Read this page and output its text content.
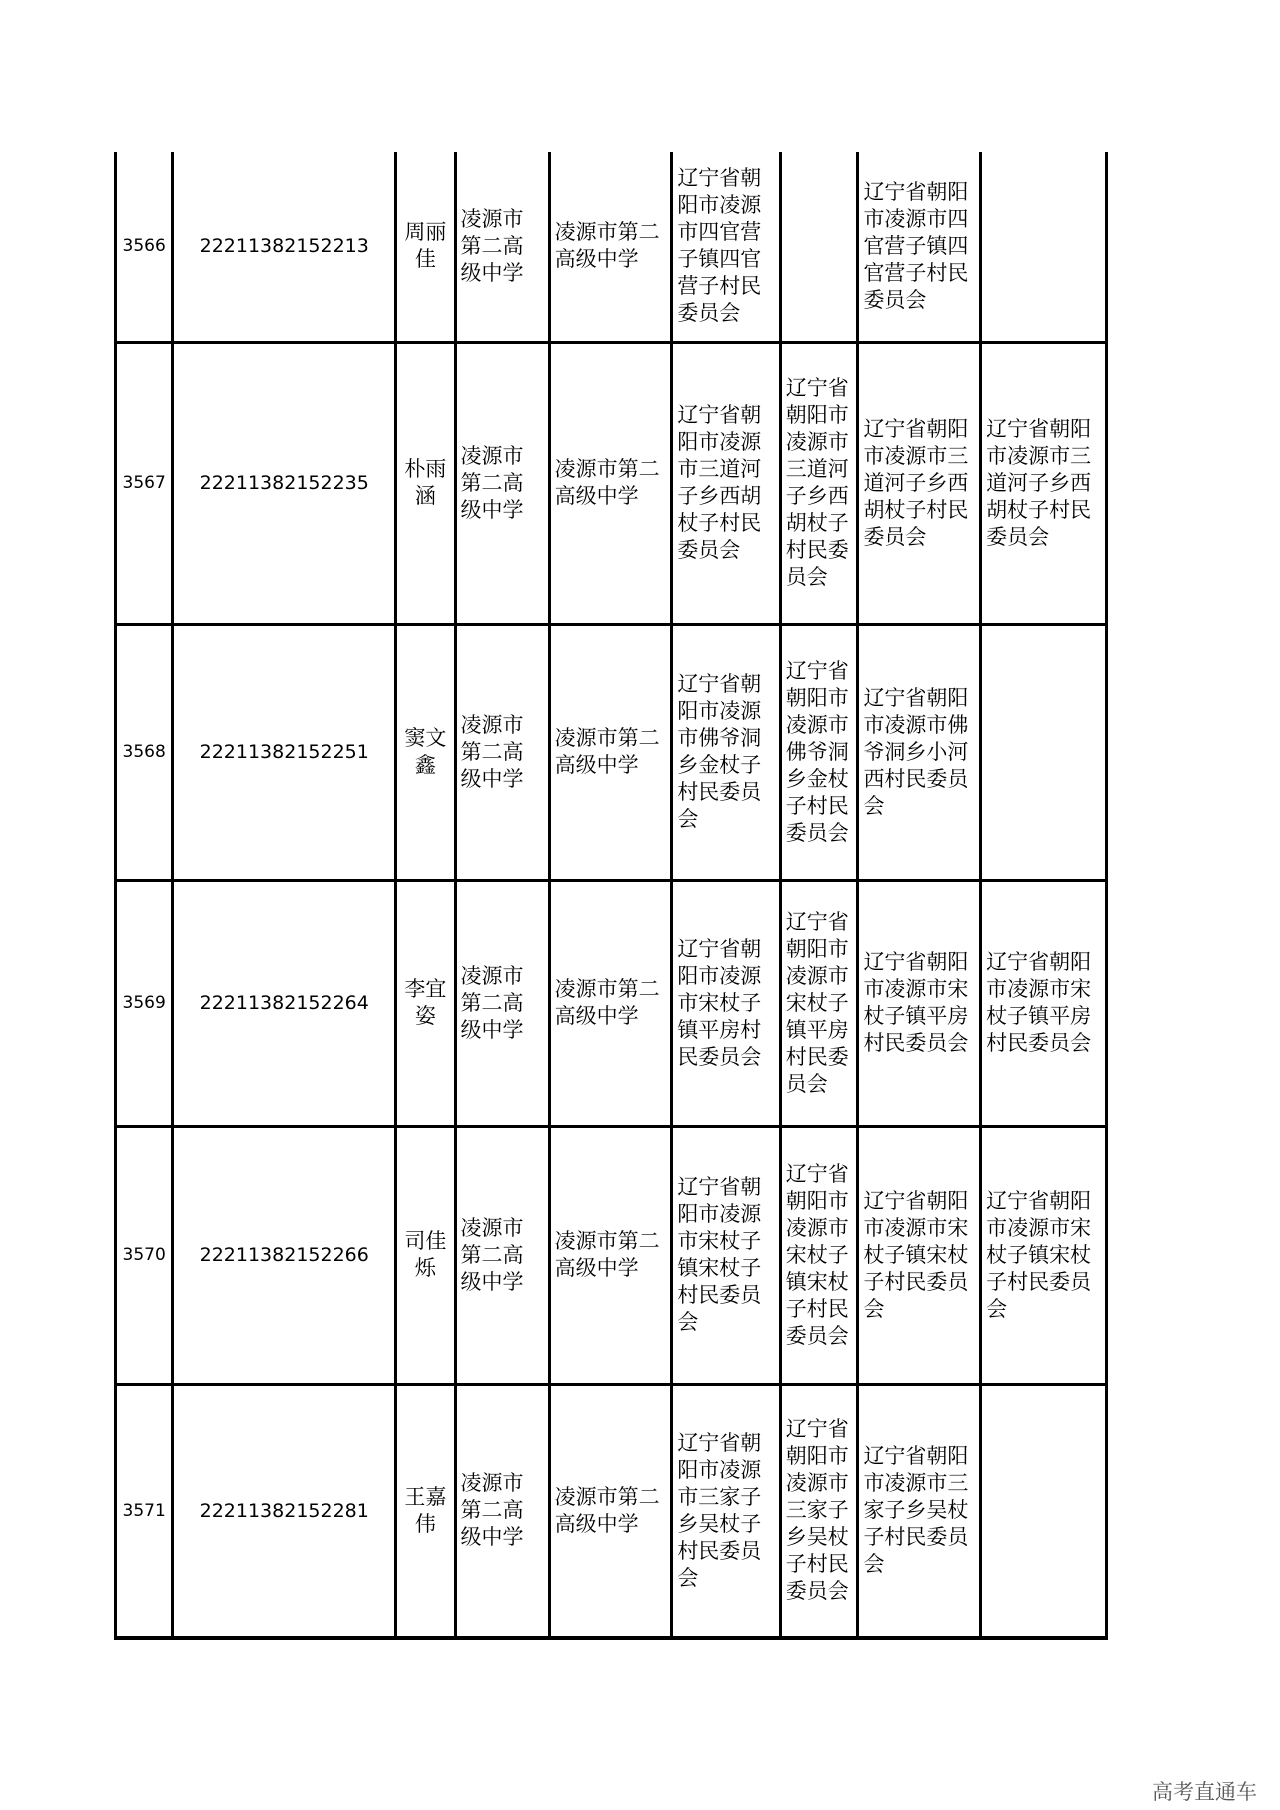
3566	22211382152213	周丽佳	凌源市第二高级中学	凌源市第二高级中学	辽宁省朝阳市凌源市四官营子镇四官营子村民委员会		辽宁省朝阳市凌源市四官营子镇四官营子村民委员会	
3567	22211382152235	朴雨涵	凌源市第二高级中学	凌源市第二高级中学	辽宁省朝阳市凌源市三道河子乡西胡杖子村民委员会	辽宁省朝阳市凌源市三道河子乡西胡杖子村民委员会	辽宁省朝阳市凌源市三道河子乡西胡杖子村民委员会	辽宁省朝阳市凌源市三道河子乡西胡杖子村民委员会
3568	22211382152251	窦文鑫	凌源市第二高级中学	凌源市第二高级中学	辽宁省朝阳市凌源市佛爷洞乡金杖子村民委员会	辽宁省朝阳市凌源市佛爷洞乡金杖子村民委员会	辽宁省朝阳市凌源市佛爷洞乡小河西村民委员会	
3569	22211382152264	李宜姿	凌源市第二高级中学	凌源市第二高级中学	辽宁省朝阳市凌源市宋杖子镇平房村民委员会	辽宁省朝阳市凌源市宋杖子镇平房村民委员会	辽宁省朝阳市凌源市宋杖子镇平房村民委员会	辽宁省朝阳市凌源市宋杖子镇平房村民委员会
3570	22211382152266	司佳烁	凌源市第二高级中学	凌源市第二高级中学	辽宁省朝阳市凌源市宋杖子镇宋杖子村民委员会	辽宁省朝阳市凌源市宋杖子镇宋杖子村民委员会	辽宁省朝阳市凌源市宋杖子镇宋杖子村民委员会	辽宁省朝阳市凌源市宋杖子镇宋杖子村民委员会
3571	22211382152281	王嘉伟	凌源市第二高级中学	凌源市第二高级中学	辽宁省朝阳市凌源市三家子乡吴杖子村民委员会	辽宁省朝阳市凌源市三家子乡吴杖子村民委员会	辽宁省朝阳市凌源市三家子乡吴杖子村民委员会	
高考直通车
